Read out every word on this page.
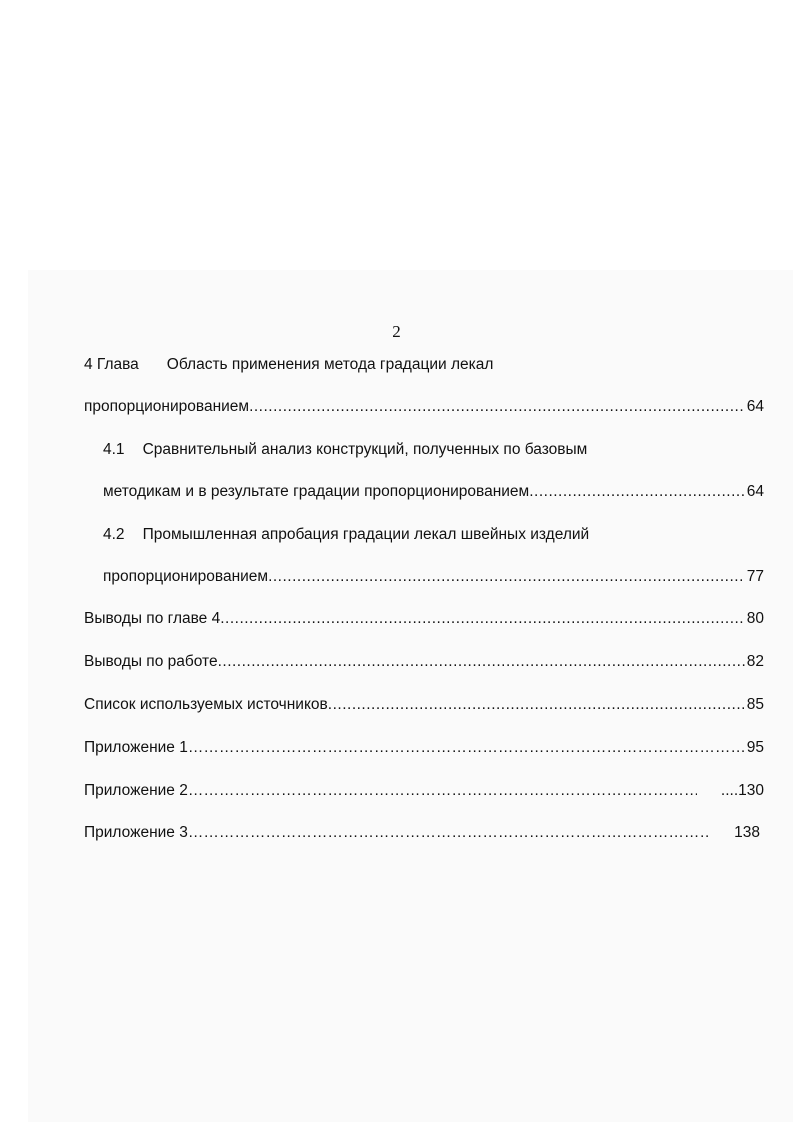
2
4 Глава Область применения метода градации лекал
пропорционированием .....	64
4.1 Сравнительный анализ конструкций, полученных по базовым
методикам и в результате градации пропорционированием .....	64
4.2 Промышленная апробация градации лекал швейных изделий
пропорционированием .....	77
Выводы по главе 4 .....	80
Выводы по работе .....	82
Список используемых источников .....	85
Приложение 1 ……………………………………………………………………………………………………………………………………………………………………………………	95
Приложение 2 ……………………………………………………………………………………………………………………………………………………………………………………	....130
Приложение 3 ……………………………………………………………………………………………………………………………………………………………………………………	138
